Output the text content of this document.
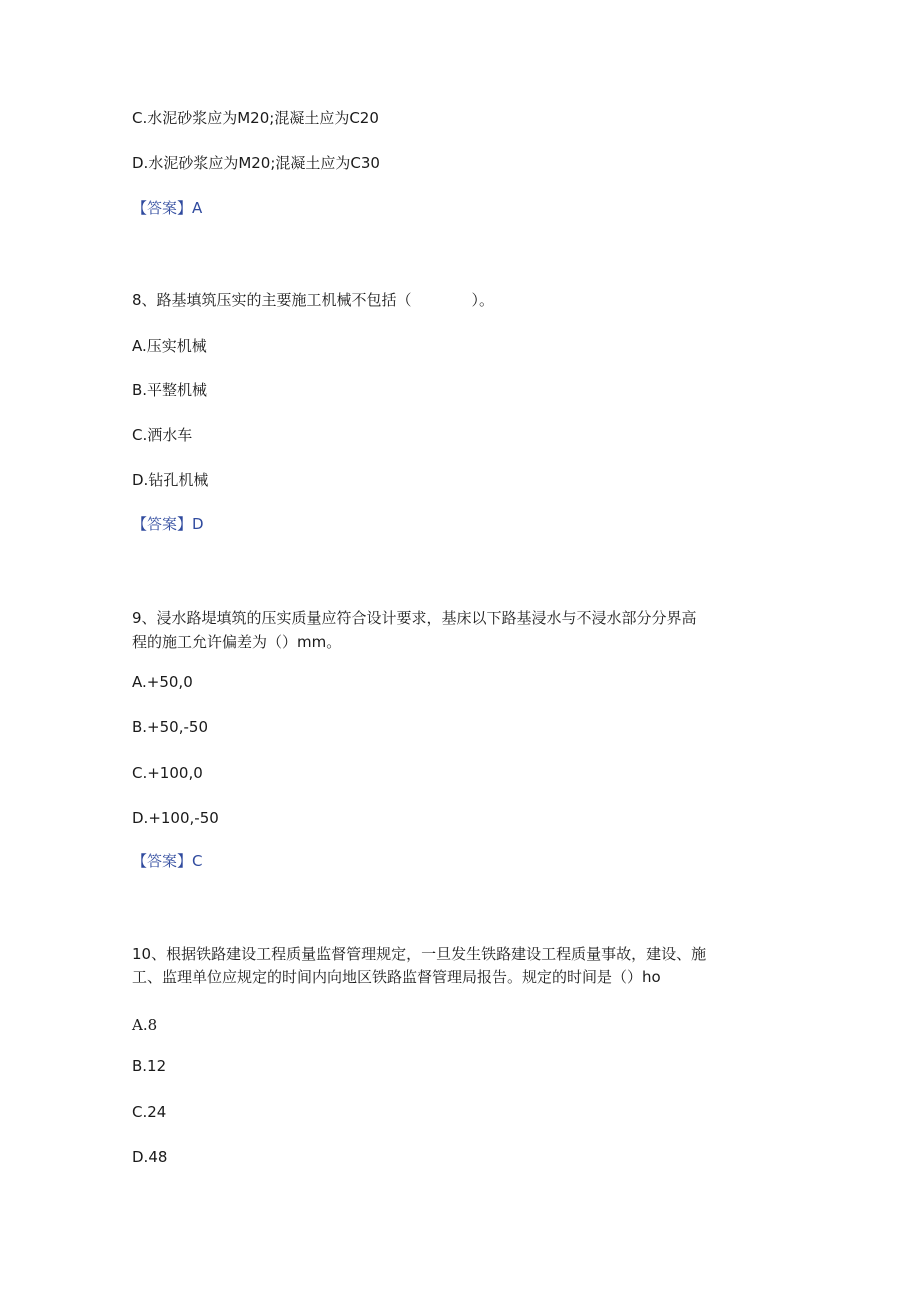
C.水泥砂浆应为M20;混凝土应为C20
D.水泥砂浆应为M20;混凝土应为C30
【答案】A
8、路基填筑压实的主要施工机械不包括（　　　　）。
A.压实机械
B.平整机械
C.洒水车
D.钻孔机械
【答案】D
9、浸水路堤填筑的压实质量应符合设计要求，基床以下路基浸水与不浸水部分分界高
程的施工允许偏差为（）mm。
A.+50,0
B.+50,-50
C.+100,0
D.+100,-50
【答案】C
10、根据铁路建设工程质量监督管理规定，一旦发生铁路建设工程质量事故，建设、施
工、监理单位应规定的时间内向地区铁路监督管理局报告。规定的时间是（）ho
A.8
B.12
C.24
D.48
